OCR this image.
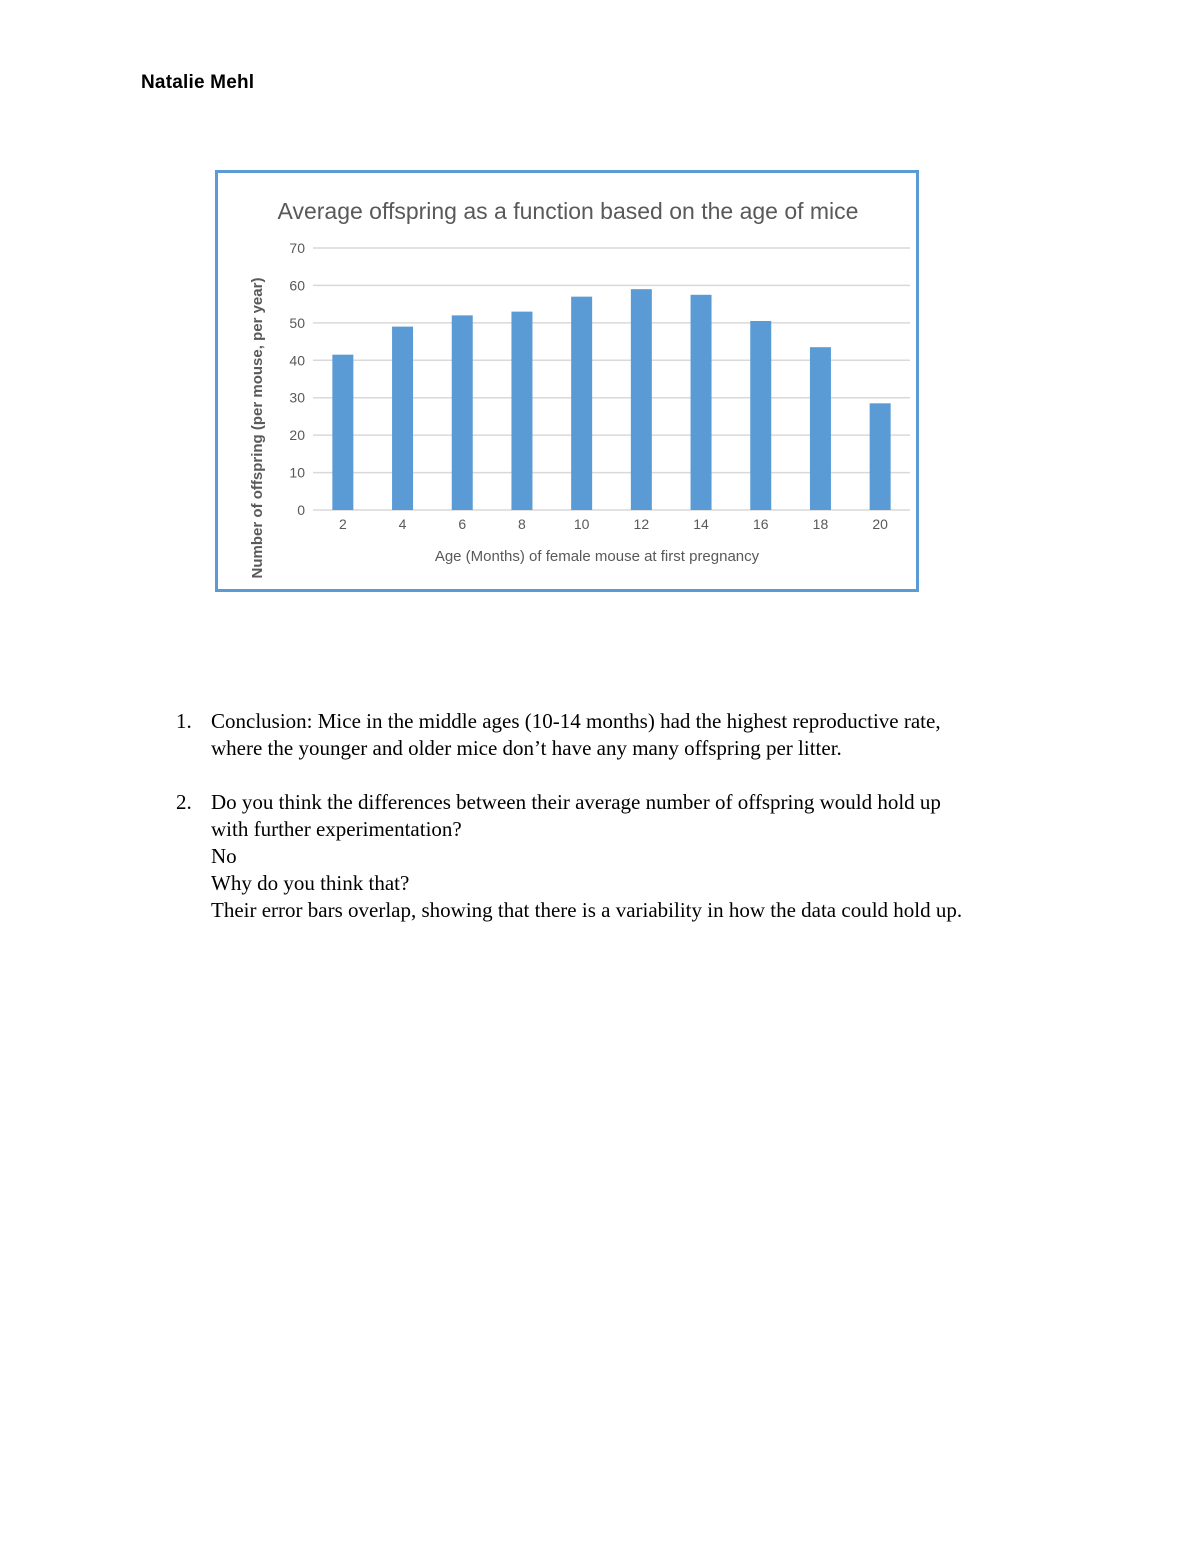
Natalie Mehl
Average offspring as a function based on the age of mice
Number of offspring (per mouse, per year)	Age (Months) of female mouse at first pregnancy
0
10
20
30
40
50
60
70
2	4	6	8	10	12	14	16	18	20
1. Conclusion: Mice in the middle ages (10-14 months) had the highest reproductive rate,
where the younger and older mice don’t have any many offspring per litter.
2. Do you think the differences between their average number of offspring would hold up
with further experimentation?
No
Why do you think that?
Their error bars overlap, showing that there is a variability in how the data could hold up.
